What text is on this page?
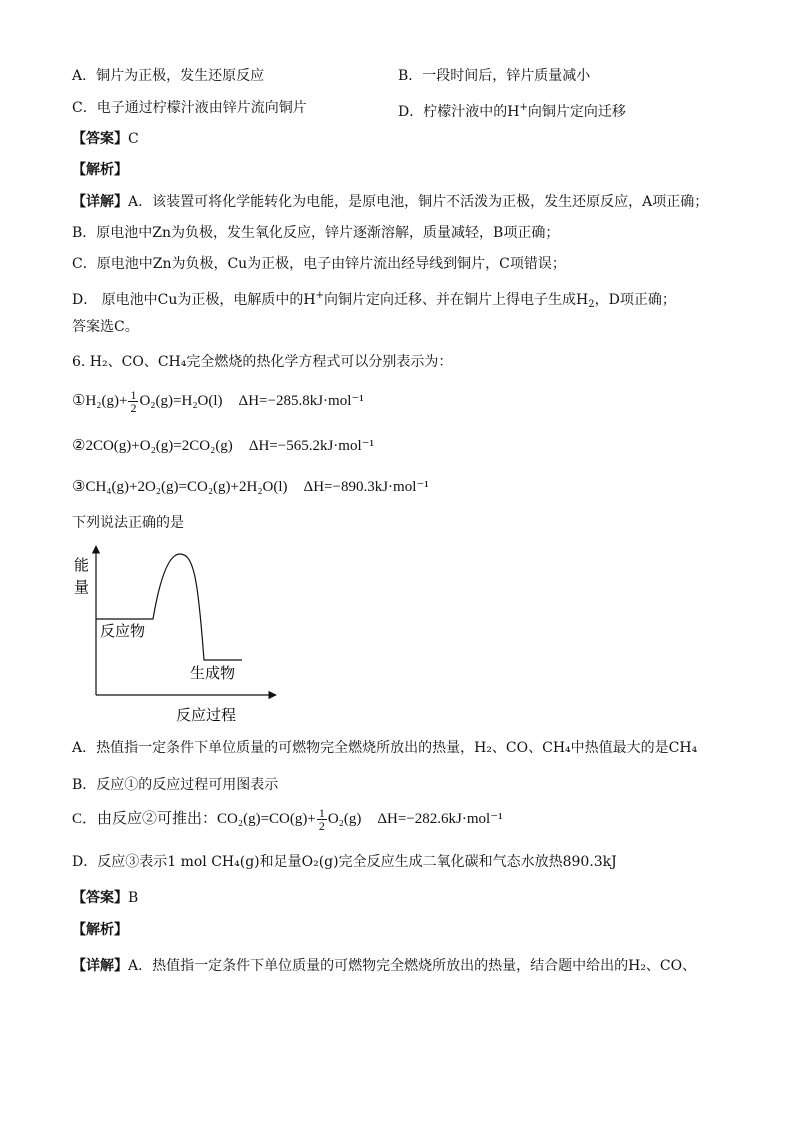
A．铜片为正极，发生还原反应	B．一段时间后，锌片质量减小
C．电子通过柠檬汁液由锌片流向铜片	D．柠檬汁液中的H+向铜片定向迁移
【答案】C
【解析】
【详解】A．该装置可将化学能转化为电能，是原电池，铜片不活泼为正极，发生还原反应，A项正确；
B．原电池中Zn为负极，发生氧化反应，锌片逐渐溶解，质量减轻，B项正确；
C．原电池中Zn为负极，Cu为正极，电子由锌片流出经导线到铜片，C项错误；
D． 原电池中Cu为正极，电解质中的H+向铜片定向迁移、并在铜片上得电子生成$H_2$，D项正确；
答案选C。
6. H₂、CO、CH₄完全燃烧的热化学方程式可以分别表示为：
①H₂(g)+ $\frac{1}{2} O_2(g)=H_2O(l)$ ΔH=−285.8kJ·mol⁻¹
②2CO(g)+O₂(g)=2CO₂(g) ΔH=−565.2kJ·mol⁻¹
③CH₄(g)+2O₂(g)=CO₂(g)+2H₂O(l) ΔH=−890.3kJ·mol⁻¹
下列说法正确的是
能
量
反应物
生成物
反应过程
A．热值指一定条件下单位质量的可燃物完全燃烧所放出的热量，H₂、CO、CH₄中热值最大的是CH₄
B．反应①的反应过程可用图表示
C．由反应②可推出：$CO_2(g)=CO(g)+ \frac{1}{2} O_2(g)$ ΔH=−282.6kJ·mol⁻¹
D．反应③表示1 mol CH₄(g)和足量O₂(g)完全反应生成二氧化碳和气态水放热890.3kJ
【答案】B
【解析】
【详解】A．热值指一定条件下单位质量的可燃物完全燃烧所放出的热量，结合题中给出的H₂、CO、
